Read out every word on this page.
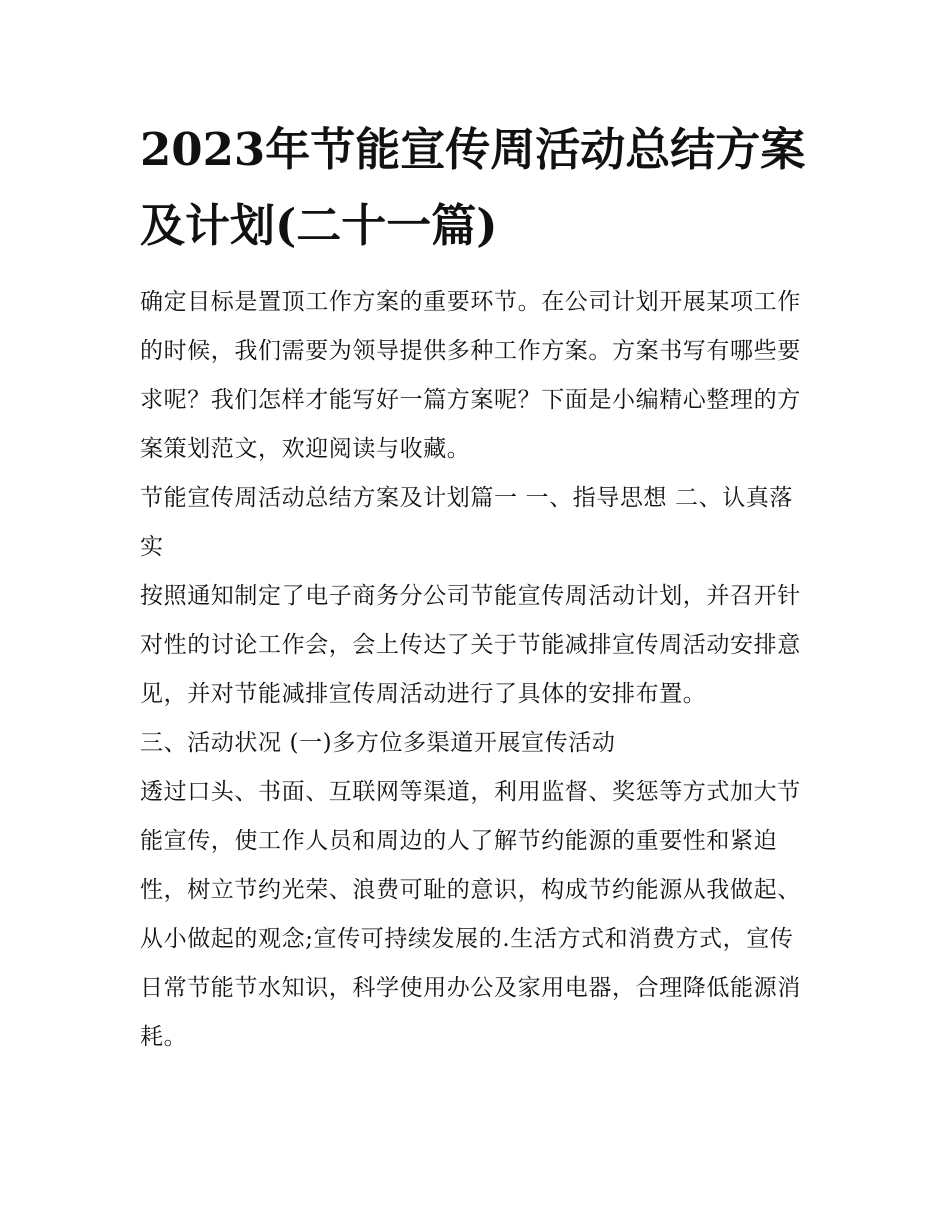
2023年节能宣传周活动总结方案及计划(二十一篇)

确定目标是置顶工作方案的重要环节。在公司计划开展某项工作的时候，我们需要为领导提供多种工作方案。方案书写有哪些要求呢？我们怎样才能写好一篇方案呢？下面是小编精心整理的方案策划范文，欢迎阅读与收藏。

节能宣传周活动总结方案及计划篇一 一、指导思想 二、认真落实

按照通知制定了电子商务分公司节能宣传周活动计划，并召开针对性的讨论工作会，会上传达了关于节能减排宣传周活动安排意见，并对节能减排宣传周活动进行了具体的安排布置。

三、活动状况 (一)多方位多渠道开展宣传活动

透过口头、书面、互联网等渠道，利用监督、奖惩等方式加大节能宣传，使工作人员和周边的人了解节约能源的重要性和紧迫性，树立节约光荣、浪费可耻的意识，构成节约能源从我做起、从小做起的观念;宣传可持续发展的.生活方式和消费方式，宣传日常节能节水知识，科学使用办公及家用电器，合理降低能源消耗。
